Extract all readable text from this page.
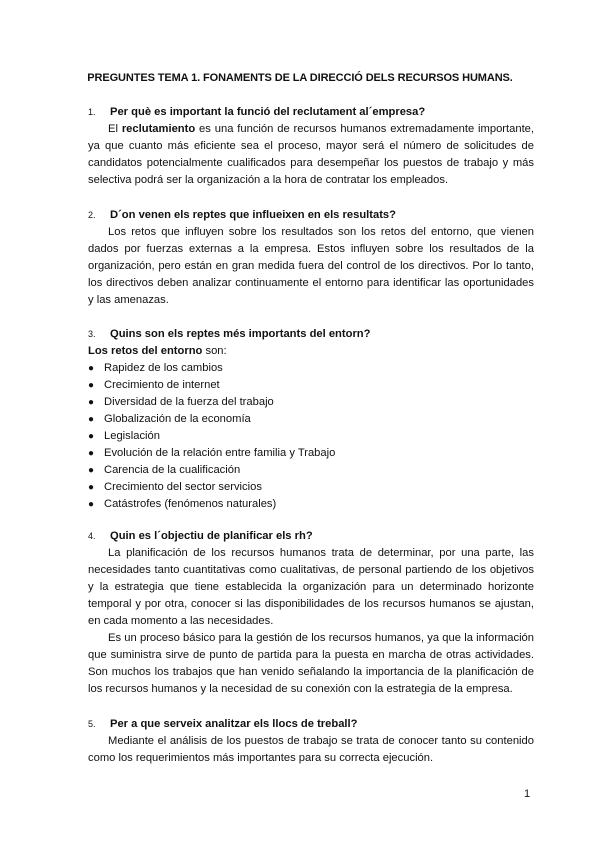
PREGUNTES TEMA 1. FONAMENTS DE LA DIRECCIÓ DELS RECURSOS HUMANS.
1.	Per què es important la funció del reclutament al´empresa?

El reclutamiento es una función de recursos humanos extremadamente importante, ya que cuanto más eficiente sea el proceso, mayor será el número de solicitudes de candidatos potencialmente cualificados para desempeñar los puestos de trabajo y más selectiva podrá ser la organización a la hora de contratar los empleados.

2.	D´on venen els reptes que influeixen en els resultats?

Los retos que influyen sobre los resultados son los retos del entorno, que vienen dados por fuerzas externas a la empresa. Estos influyen sobre los resultados de la organización, pero están en gran medida fuera del control de los directivos. Por lo tanto, los directivos deben analizar continuamente el entorno para identificar las oportunidades y las amenazas.

3.	Quins son els reptes més importants del entorn?

Los retos del entorno son:

● Rapidez de los cambios
● Crecimiento de internet
● Diversidad de la fuerza del trabajo
● Globalización de la economía
● Legislación
● Evolución de la relación entre familia y Trabajo
● Carencia de la cualificación
● Crecimiento del sector servicios
● Catástrofes (fenómenos naturales)
4.	Quin es l´objectiu de planificar els rh?

La planificación de los recursos humanos trata de determinar, por una parte, las necesidades tanto cuantitativas como cualitativas, de personal partiendo de los objetivos y la estrategia que tiene establecida la organización para un determinado horizonte temporal y por otra, conocer si las disponibilidades de los recursos humanos se ajustan, en cada momento a las necesidades.

Es un proceso básico para la gestión de los recursos humanos, ya que la información que suministra sirve de punto de partida para la puesta en marcha de otras actividades. Son muchos los trabajos que han venido señalando la importancia de la planificación de los recursos humanos y la necesidad de su conexión con la estrategia de la empresa.

5.	Per a que serveix analitzar els llocs de treball?

Mediante el análisis de los puestos de trabajo se trata de conocer tanto su contenido como los requerimientos más importantes para su correcta ejecución.

1
